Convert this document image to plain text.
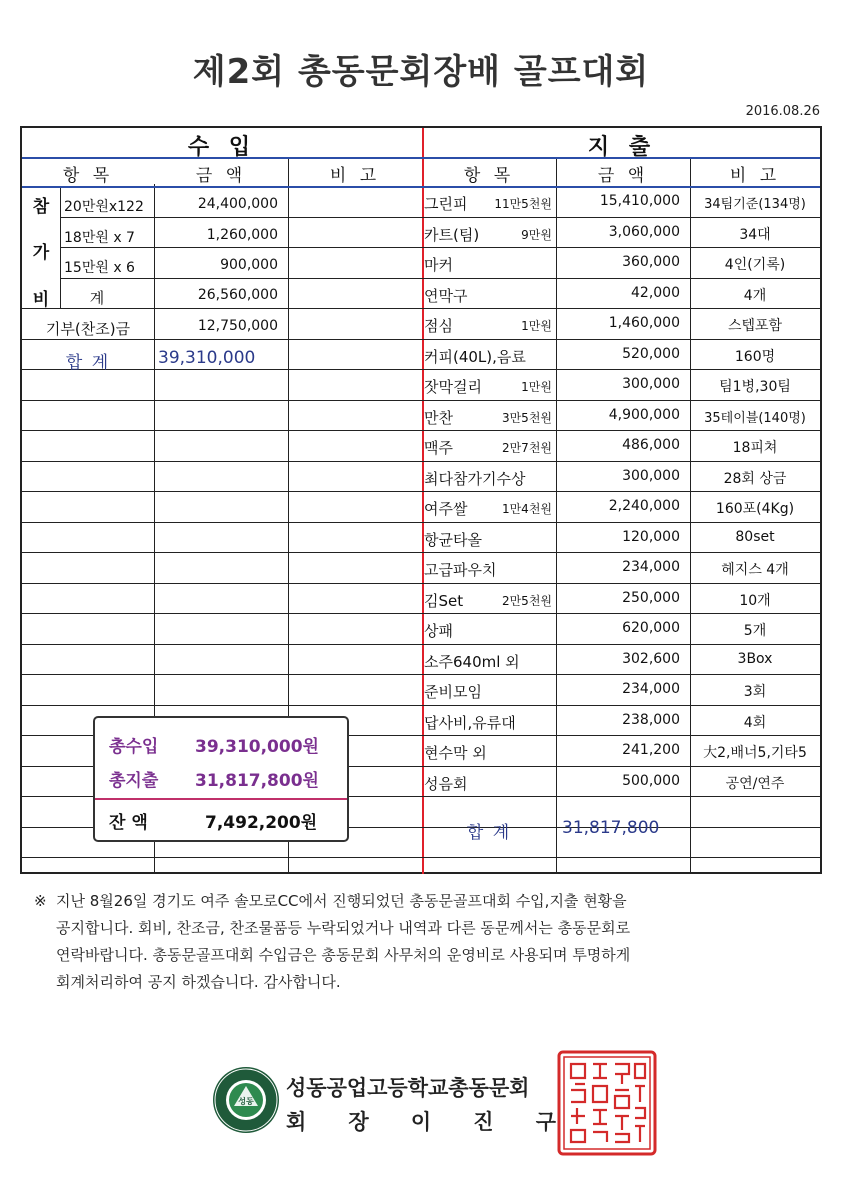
제2회 총동문회장배 골프대회
2016.08.26
수 입	지 출
항 목	금 액	비 고	항 목	금 액	비 고
참
가
비
20만원x122	24,400,000
18만원 x 7	1,260,000
15만원 x 6	900,000
계	26,560,000
기부(찬조)금	12,750,000
합 계	39,310,000
그린피	11만5천원	15,410,000	34팀기준(134명)
카트(팀)	9만원	3,060,000	34대
마커	360,000	4인(기록)
연막구	42,000	4개
점심	1만원	1,460,000	스텝포함
커피(40L),음료	520,000	160명
잣막걸리	1만원	300,000	팀1병,30팀
만찬	3만5천원	4,900,000	35테이블(140명)
맥주	2만7천원	486,000	18피쳐
최다참가기수상	300,000	28회 상금
여주쌀	1만4천원	2,240,000	160포(4Kg)
항균타올	120,000	80set
고급파우치	234,000	헤지스 4개
김Set	2만5천원	250,000	10개
상패	620,000	5개
소주640ml 외	302,600	3Box
준비모임	234,000	3회
답사비,유류대	238,000	4회
현수막 외	241,200	大2,배너5,기타5
성음회	500,000	공연/연주
합 계	31,817,800
총수입 39,310,000원
총지출 31,817,800원
잔 액	7,492,200원
※ 지난 8월26일 경기도 여주 솔모로CC에서 진행되었던 총동문골프대회 수입,지출 현황을
공지합니다. 회비, 찬조금, 찬조물품등 누락되었거나 내역과 다른 동문께서는 총동문회로
연락바랍니다. 총동문골프대회 수입금은 총동문회 사무처의 운영비로 사용되며 투명하게
회계처리하여 공지 하겠습니다. 감사합니다.
성동
성동공업고등학교총동문회
회 장 이 진 구
